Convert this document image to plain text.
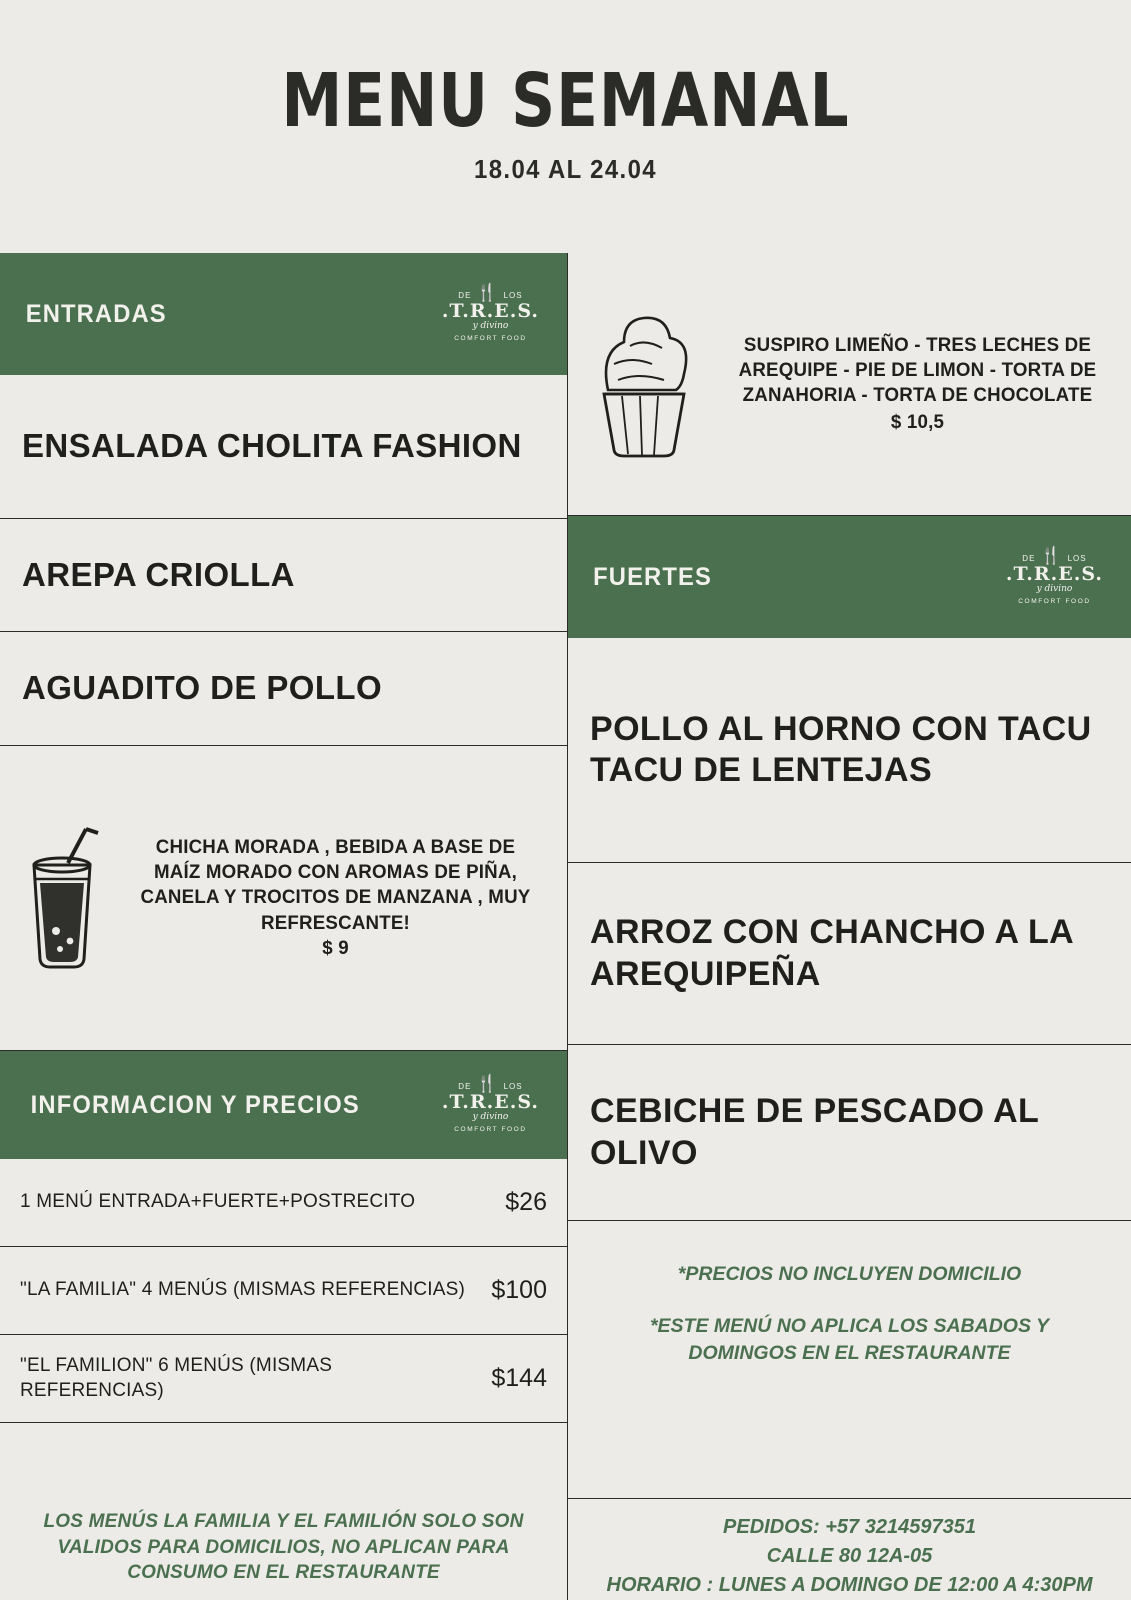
MENU SEMANAL
18.04 AL 24.04
ENTRADAS
DE 🍴 LOS
.T.R.E.S.
y divino
COMFORT FOOD
ENSALADA CHOLITA FASHION
AREPA CRIOLLA
AGUADITO DE POLLO
CHICHA MORADA , BEBIDA A BASE DE MAÍZ MORADO CON AROMAS DE PIÑA, CANELA Y TROCITOS DE MANZANA , MUY REFRESCANTE!
$ 9
INFORMACION Y PRECIOS
DE 🍴 LOS
.T.R.E.S.
y divino
COMFORT FOOD
1 MENÚ ENTRADA+FUERTE+POSTRECITO	$26
"LA FAMILIA" 4 MENÚS (MISMAS REFERENCIAS)	$100
"EL FAMILION" 6 MENÚS (MISMAS REFERENCIAS)	$144
LOS MENÚS LA FAMILIA Y EL FAMILIÓN SOLO SON VALIDOS PARA DOMICILIOS, NO APLICAN PARA CONSUMO EN EL RESTAURANTE
SUSPIRO LIMEÑO - TRES LECHES DE AREQUIPE - PIE DE LIMON - TORTA DE ZANAHORIA - TORTA DE CHOCOLATE
$ 10,5
FUERTES
DE 🍴 LOS
.T.R.E.S.
y divino
COMFORT FOOD
POLLO AL HORNO CON TACU TACU DE LENTEJAS
ARROZ CON CHANCHO A LA AREQUIPEÑA
CEBICHE DE PESCADO AL OLIVO
*PRECIOS NO INCLUYEN DOMICILIO
*ESTE MENÚ NO APLICA LOS SABADOS Y DOMINGOS EN EL RESTAURANTE
PEDIDOS: +57 3214597351
CALLE 80 12A-05
HORARIO : LUNES A DOMINGO DE 12:00 A 4:30PM
